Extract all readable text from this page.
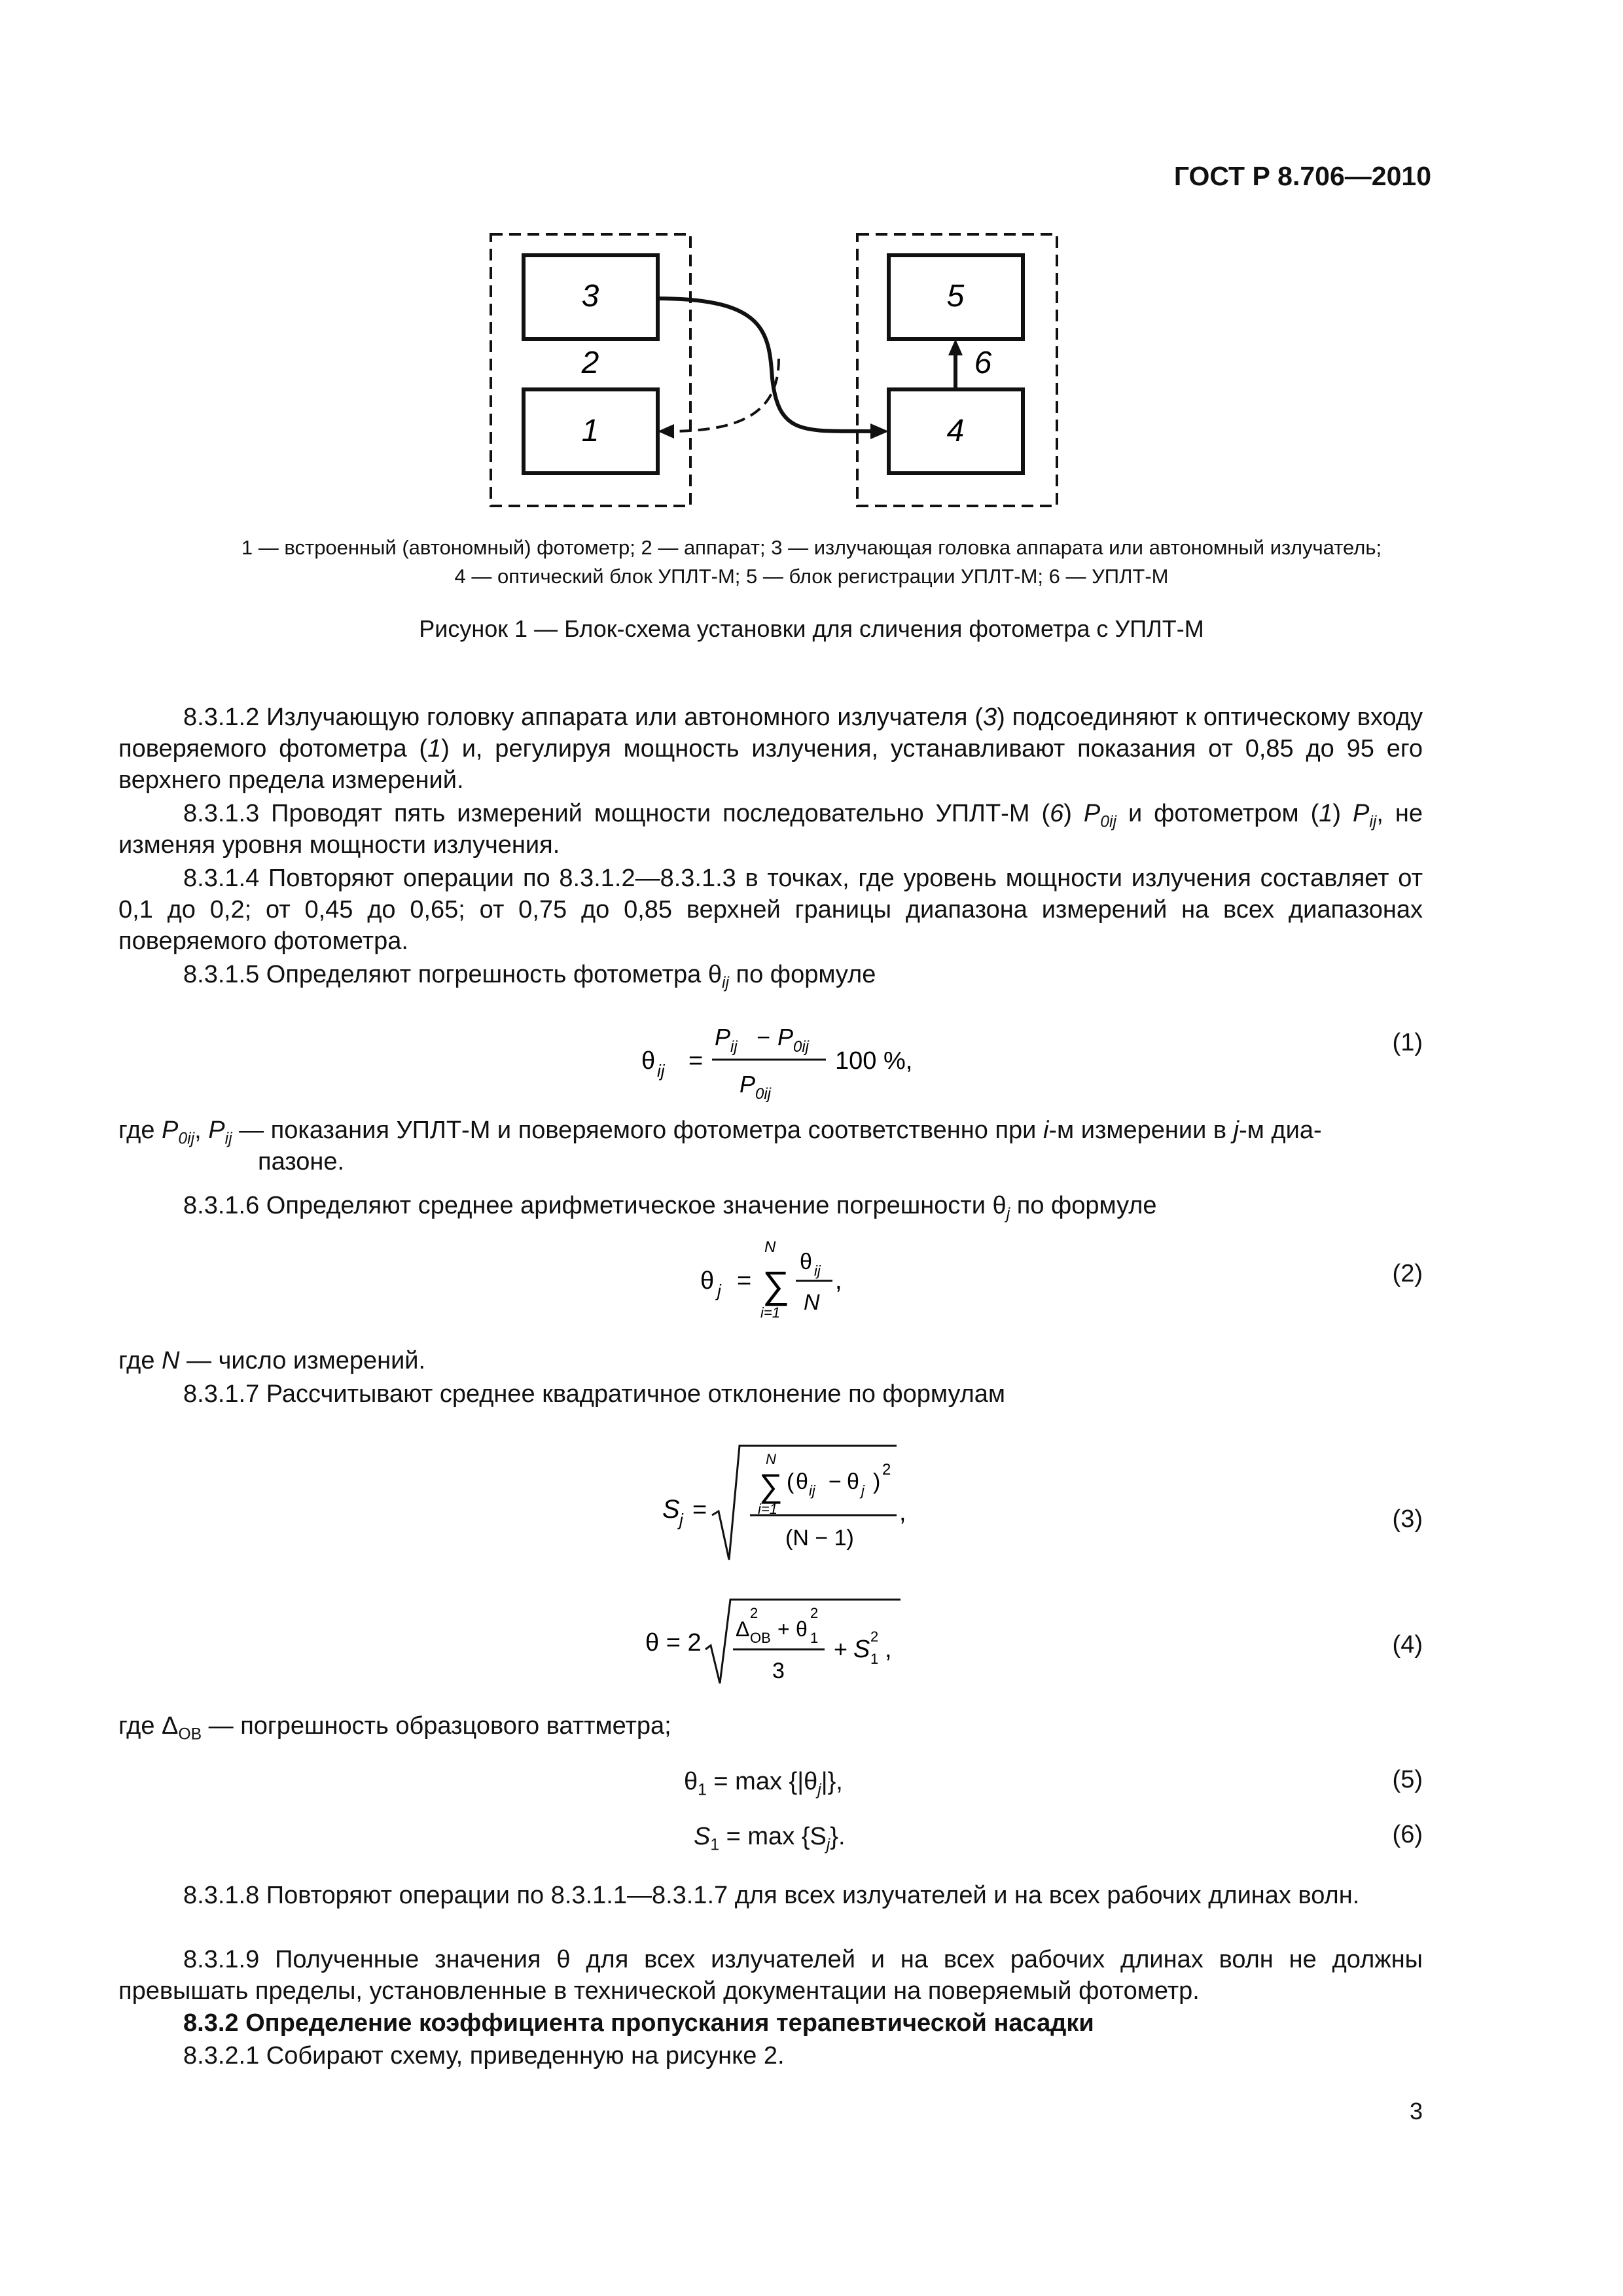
ГОСТ Р 8.706—2010
3
1
5
4
2	6
1 — встроенный (автономный) фотометр; 2 — аппарат; 3 — излучающая головка аппарата или автономный излучатель;
4 — оптический блок УПЛТ-М; 5 — блок регистрации УПЛТ-М; 6 — УПЛТ-М
Рисунок 1 — Блок-схема установки для сличения фотометра с УПЛТ-М
8.3.1.2 Излучающую головку аппарата или автономного излучателя (3) подсоединяют к оптическому входу поверяемого фотометра (1) и, регулируя мощность излучения, устанавливают показания от 0,85 до 95 его верхнего предела измерений.
8.3.1.3 Проводят пять измерений мощности последовательно УПЛТ-М (6) $P_{0ij}$ и фотометром (1) $P_{ij}$, не изменяя уровня мощности излучения.
8.3.1.4 Повторяют операции по 8.3.1.2—8.3.1.3 в точках, где уровень мощности излучения составляет от 0,1 до 0,2; от 0,45 до 0,65; от 0,75 до 0,85 верхней границы диапазона измерений на всех диапазонах поверяемого фотометра.
8.3.1.5 Определяют погрешность фотометра $\theta_{ij}$ по формуле
θ ij =
P ij − P 0ij
P 0ij
100 %,
(1)
где $P_{0ij}$, $P_{ij}$ — показания УПЛТ-М и поверяемого фотометра соответственно при i-м измерении в j-м диа-
пазоне.
8.3.1.6 Определяют среднее арифметическое значение погрешности $\theta_j$ по формуле
θ j =
N
∑
i=1
θ ij
N
,	(2)
где N — число измерений.
8.3.1.7 Рассчитывают среднее квадратичное отклонение по формулам
S j =
N
∑
i=1
( θ ij − θ j ) 2
(N − 1)
,	(3)
θ = 2 Δ
2
ОВ + θ
2
1
3
+ S 2
1 ,	(4)
где $\Delta_{ОВ}$ — погрешность образцового ваттметра;
$\theta_1 = \max \{|\theta_j|\}$,	(5)
$S_1 = \max \{S_j\}$.	(6)
8.3.1.8 Повторяют операции по 8.3.1.1—8.3.1.7 для всех излучателей и на всех рабочих длинах волн.
8.3.1.9 Полученные значения θ для всех излучателей и на всех рабочих длинах волн не должны превышать пределы, установленные в технической документации на поверяемый фотометр.
8.3.2 Определение коэффициента пропускания терапевтической насадки
8.3.2.1 Собирают схему, приведенную на рисунке 2.
3
